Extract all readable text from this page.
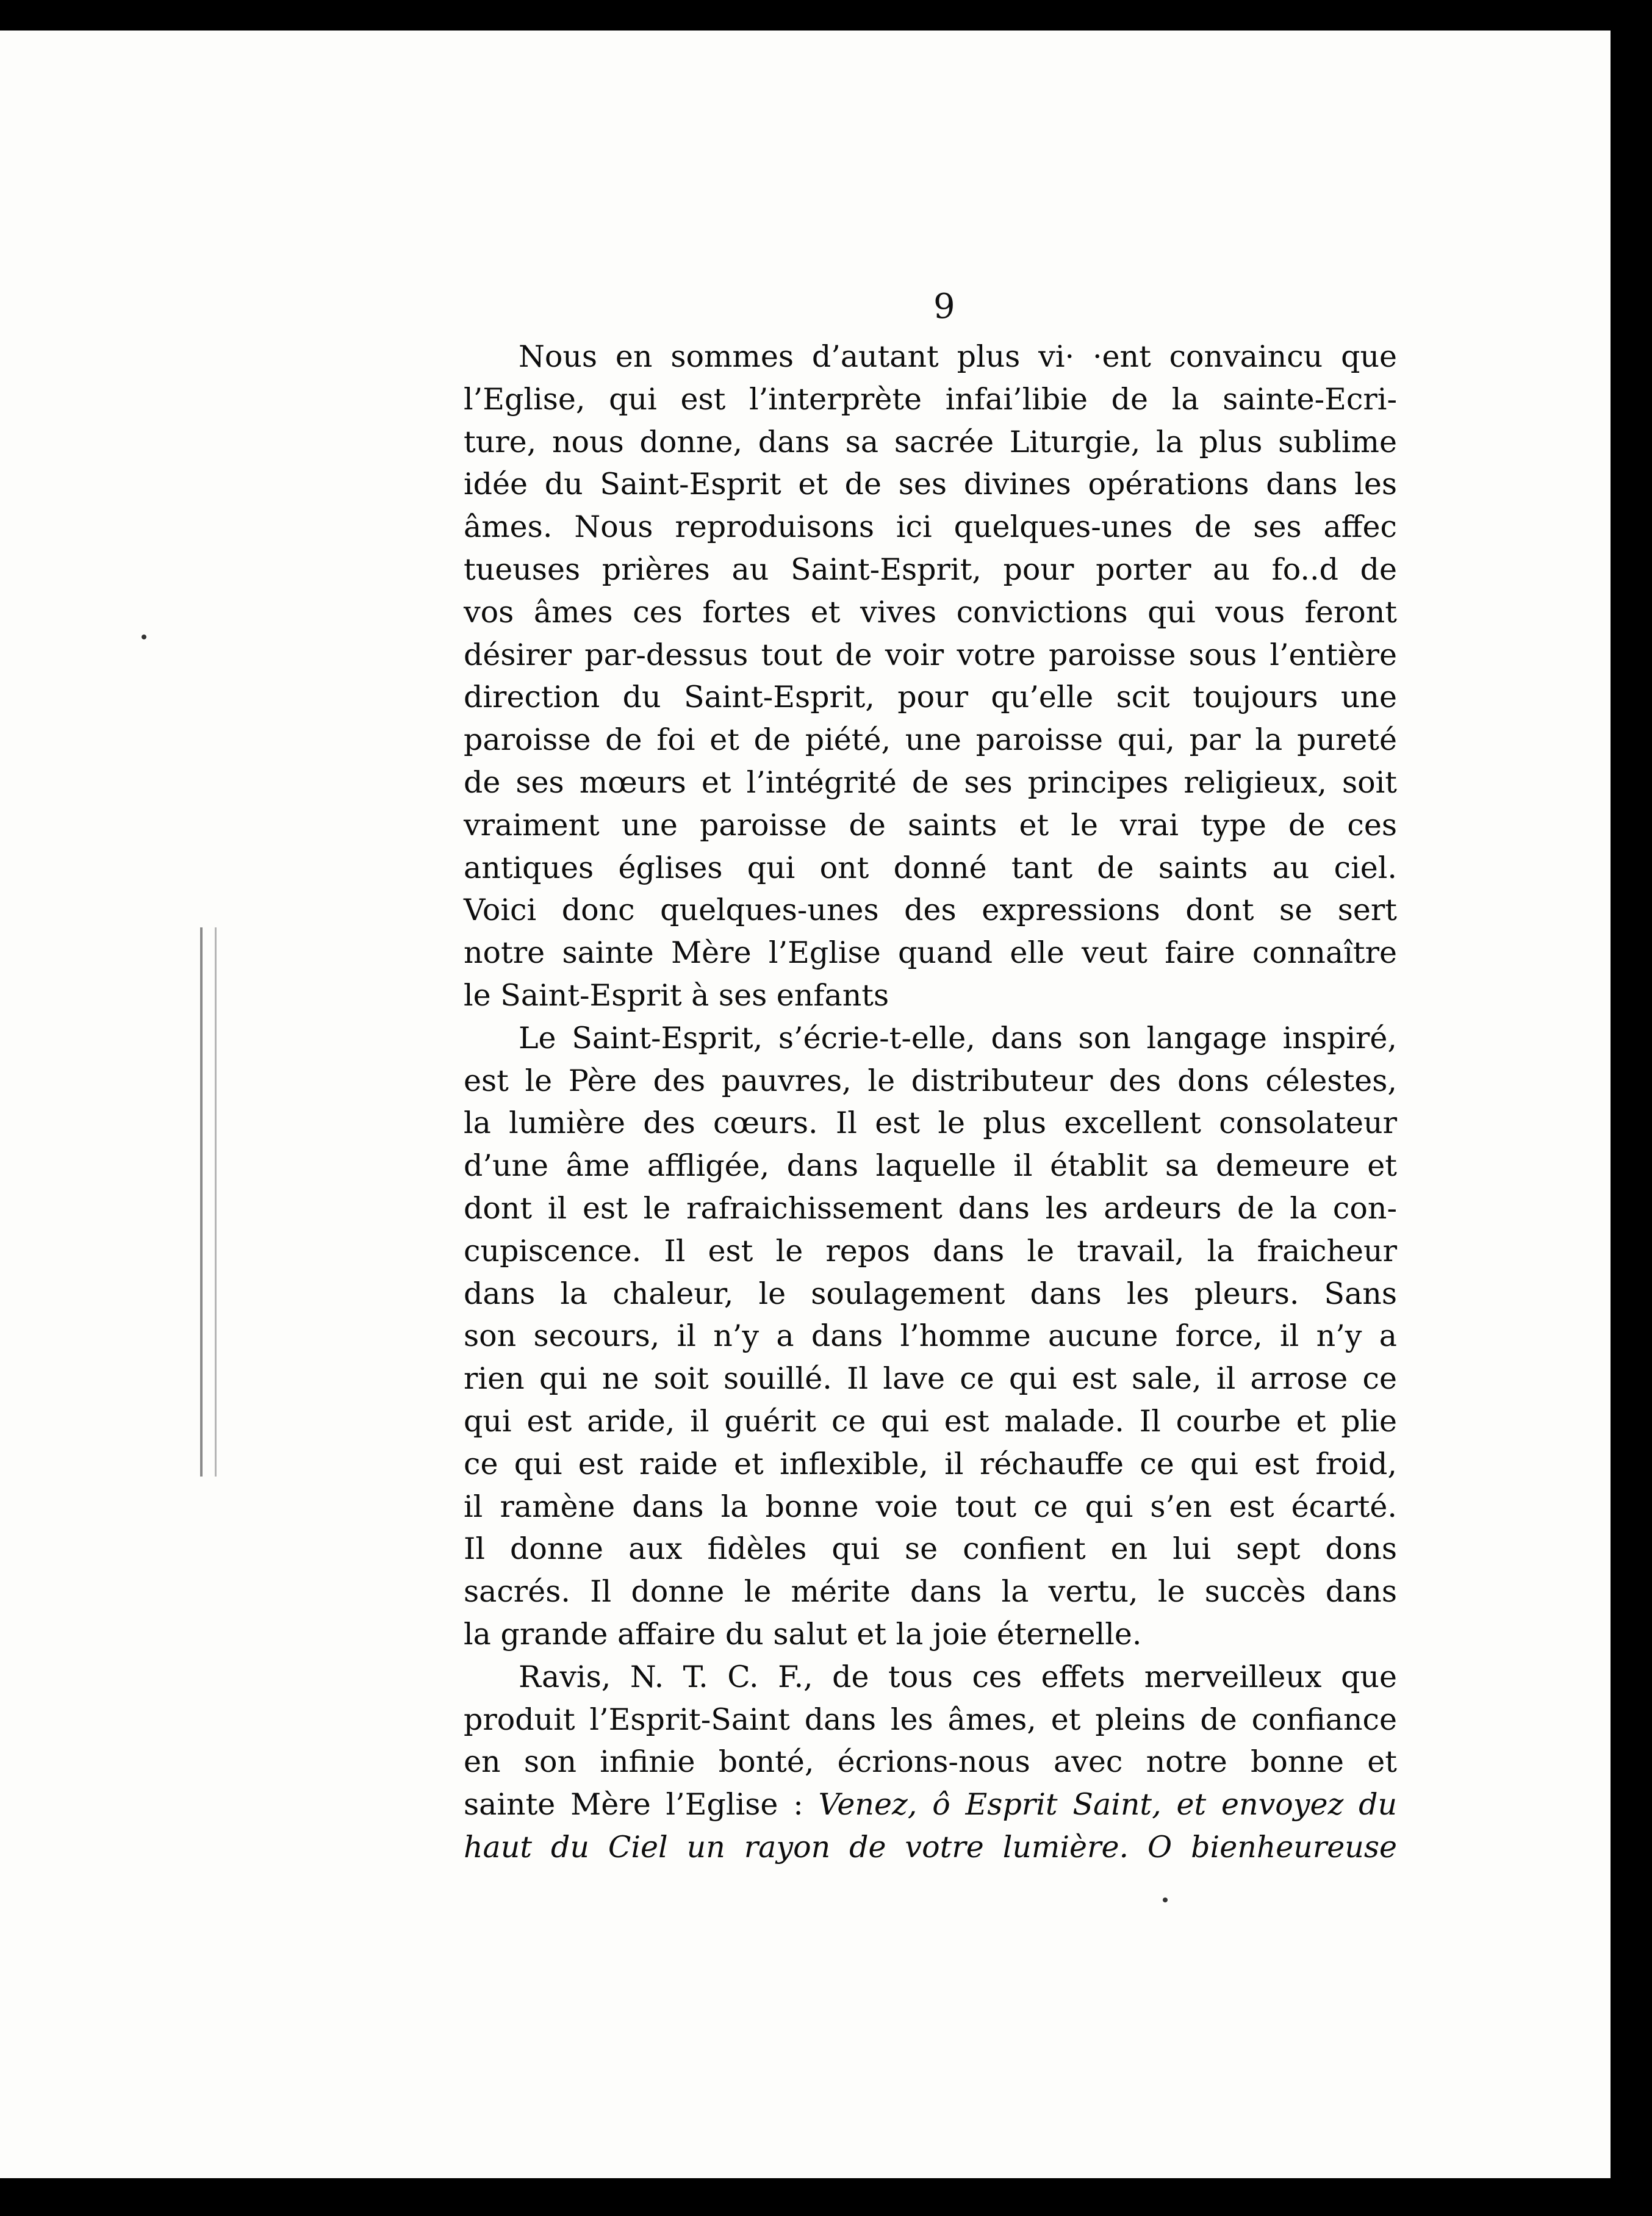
9

Nous en sommes d’autant plus vi· ·ent convaincu que
l’Eglise, qui est l’interprète infai’libie de la sainte-Ecri-
ture, nous donne, dans sa sacrée Liturgie, la plus sublime
idée du Saint-Esprit et de ses divines opérations dans les
âmes. Nous reproduisons ici quelques-unes de ses affec
tueuses prières au Saint-Esprit, pour porter au fo..d de
vos âmes ces fortes et vives convictions qui vous feront
désirer par-dessus tout de voir votre paroisse sous l’entière
direction du Saint-Esprit, pour qu’elle scit toujours une
paroisse de foi et de piété, une paroisse qui, par la pureté
de ses mœurs et l’intégrité de ses principes religieux, soit
vraiment une paroisse de saints et le vrai type de ces
antiques églises qui ont donné tant de saints au ciel.
Voici donc quelques-unes des expressions dont se sert
notre sainte Mère l’Eglise quand elle veut faire connaître
le Saint-Esprit à ses enfants
Le Saint-Esprit, s’écrie-t-elle, dans son langage inspiré,
est le Père des pauvres, le distributeur des dons célestes,
la lumière des cœurs. Il est le plus excellent consolateur
d’une âme affligée, dans laquelle il établit sa demeure et
dont il est le rafraichissement dans les ardeurs de la con-
cupiscence. Il est le repos dans le travail, la fraicheur
dans la chaleur, le soulagement dans les pleurs. Sans
son secours, il n’y a dans l’homme aucune force, il n’y a
rien qui ne soit souillé. Il lave ce qui est sale, il arrose ce
qui est aride, il guérit ce qui est malade. Il courbe et plie
ce qui est raide et inflexible, il réchauffe ce qui est froid,
il ramène dans la bonne voie tout ce qui s’en est écarté.
Il donne aux fidèles qui se confient en lui sept dons
sacrés. Il donne le mérite dans la vertu, le succès dans
la grande affaire du salut et la joie éternelle.
Ravis, N. T. C. F., de tous ces effets merveilleux que
produit l’Esprit-Saint dans les âmes, et pleins de confiance
en son infinie bonté, écrions-nous avec notre bonne et
sainte Mère l’Eglise : Venez, ô Esprit Saint, et envoyez du
haut du Ciel un rayon de votre lumière. O bienheureuse
